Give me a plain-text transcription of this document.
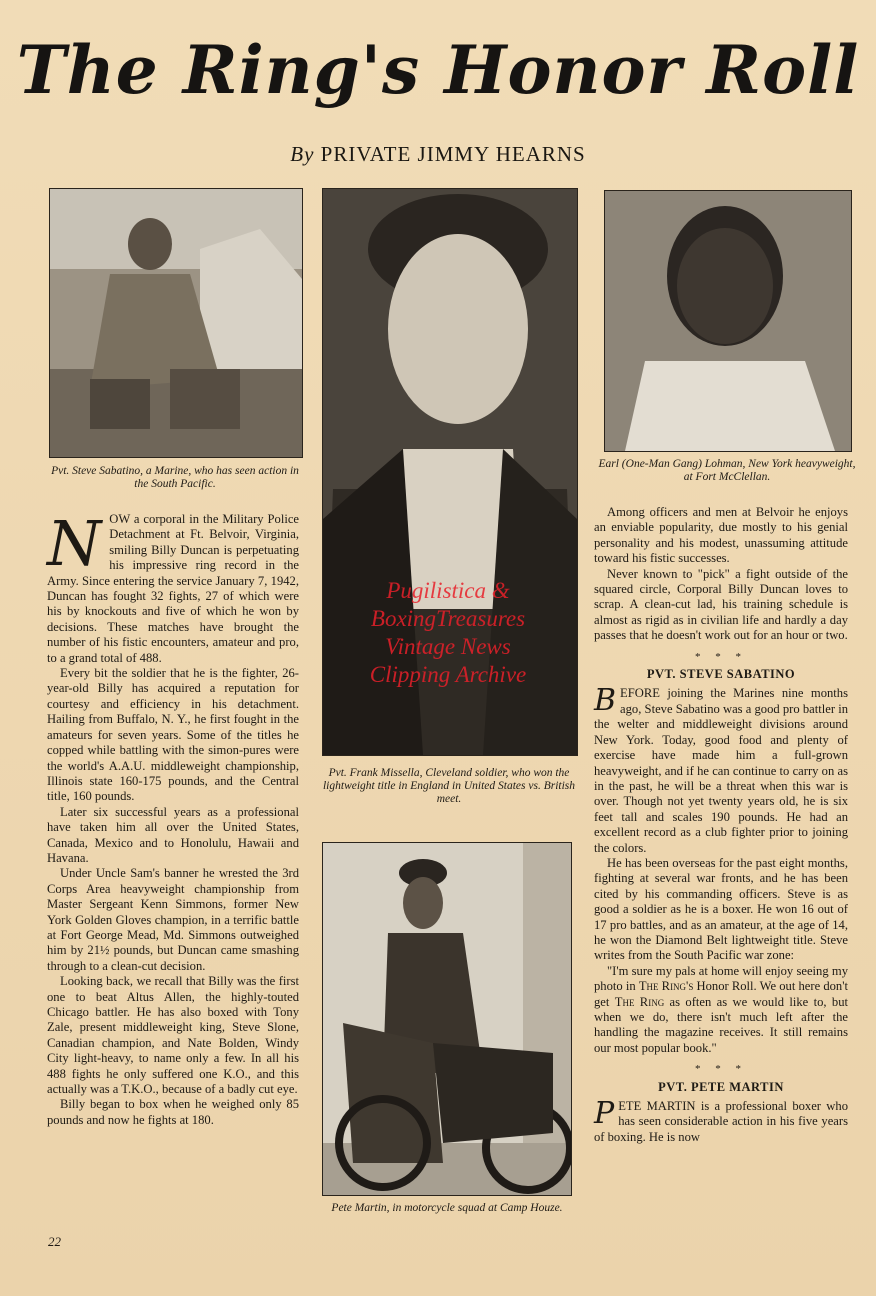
The Ring's Honor Roll
By PRIVATE JIMMY HEARNS
Pvt. Steve Sabatino, a Marine, who has seen action in the South Pacific.
Pvt. Frank Missella, Cleveland soldier, who won the lightweight title in England in United States vs. British meet.
Earl (One-Man Gang) Lohman, New York heavyweight, at Fort McClellan.
Pete Martin, in motorcycle squad at Camp Houze.
Pugilistica &
BoxingTreasures
Vintage News
Clipping Archive

NOW a corporal in the Military Police Detachment at Ft. Belvoir, Virginia, smiling Billy Duncan is perpetuating his impressive ring record in the Army. Since entering the service January 7, 1942, Duncan has fought 32 fights, 27 of which were his by knockouts and five of which he won by decisions. These matches have brought the number of his fistic encounters, amateur and pro, to a grand total of 488.

Every bit the soldier that he is the fighter, 26-year-old Billy has acquired a reputation for courtesy and efficiency in his detachment. Hailing from Buffalo, N. Y., he first fought in the amateurs for seven years. Some of the titles he copped while battling with the simon-pures were the world's A.A.U. middleweight championship, Illinois state 160-175 pounds, and the Central title, 160 pounds.

Later six successful years as a professional have taken him all over the United States, Canada, Mexico and to Honolulu, Hawaii and Havana.

Under Uncle Sam's banner he wrested the 3rd Corps Area heavyweight championship from Master Sergeant Kenn Simmons, former New York Golden Gloves champion, in a terrific battle at Fort George Mead, Md. Simmons outweighed him by 21½ pounds, but Duncan came smashing through to a clean-cut decision.

Looking back, we recall that Billy was the first one to beat Altus Allen, the highly-touted Chicago battler. He has also boxed with Tony Zale, present middleweight king, Steve Slone, Canadian champion, and Nate Bolden, Windy City light-heavy, to name only a few. In all his 488 fights he only suffered one K.O., and this actually was a T.K.O., because of a badly cut eye.

Billy began to box when he weighed only 85 pounds and now he fights at 180.

Among officers and men at Belvoir he enjoys an enviable popularity, due mostly to his genial personality and his modest, unassuming attitude toward his fistic successes.

Never known to "pick" a fight outside of the squared circle, Corporal Billy Duncan loves to scrap. A clean-cut lad, his training schedule is almost as rigid as in civilian life and hardly a day passes that he doesn't work out for an hour or two.

* * *
PVT. STEVE SABATINO

BEFORE joining the Marines nine months ago, Steve Sabatino was a good pro battler in the welter and middleweight divisions around New York. Today, good food and plenty of exercise have made him a full-grown heavyweight, and if he can continue to carry on as in the past, he will be a threat when this war is over. Though not yet twenty years old, he is six feet tall and scales 190 pounds. He had an excellent record as a club fighter prior to joining the colors.

He has been overseas for the past eight months, fighting at several war fronts, and he has been cited by his commanding officers. Steve is as good a soldier as he is a boxer. He won 16 out of 17 pro battles, and as an amateur, at the age of 14, he won the Diamond Belt lightweight title. Steve writes from the South Pacific war zone:

"I'm sure my pals at home will enjoy seeing my photo in The Ring's Honor Roll. We out here don't get The Ring as often as we would like to, but when we do, there isn't much left after the handling the magazine receives. It still remains our most popular book."

* * *
PVT. PETE MARTIN

PETE MARTIN is a professional boxer who has seen considerable action in his five years of boxing. He is now

22
